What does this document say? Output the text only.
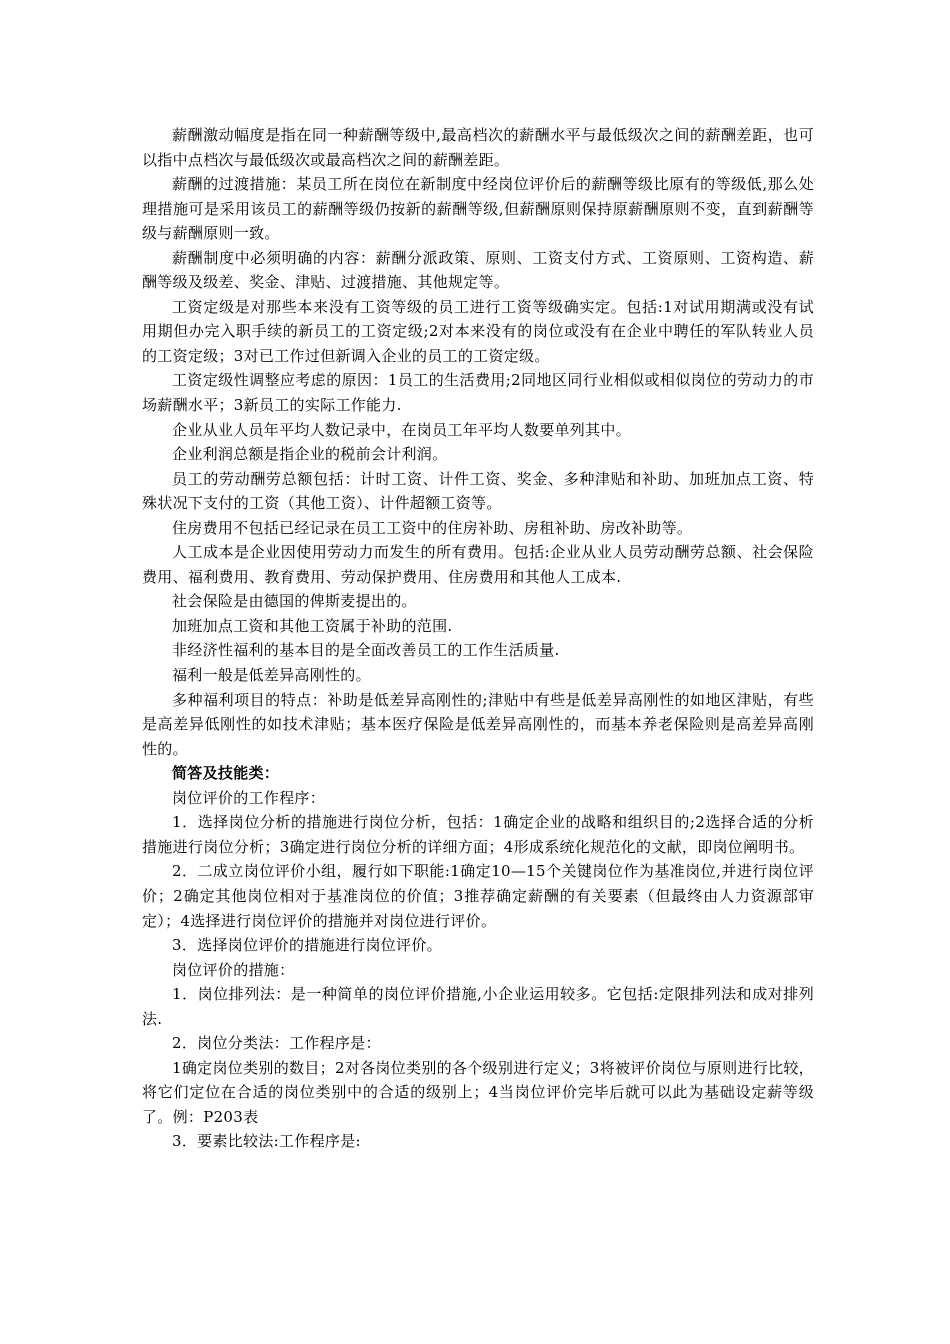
薪酬激动幅度是指在同一种薪酬等级中,最高档次的薪酬水平与最低级次之间的薪酬差距，也可以指中点档次与最低级次或最高档次之间的薪酬差距。

薪酬的过渡措施：某员工所在岗位在新制度中经岗位评价后的薪酬等级比原有的等级低,那么处理措施可是采用该员工的薪酬等级仍按新的薪酬等级,但薪酬原则保持原薪酬原则不变，直到薪酬等级与薪酬原则一致。

薪酬制度中必须明确的内容：薪酬分派政策、原则、工资支付方式、工资原则、工资构造、薪酬等级及级差、奖金、津贴、过渡措施、其他规定等。

工资定级是对那些本来没有工资等级的员工进行工资等级确实定。包括:1对试用期满或没有试用期但办完入职手续的新员工的工资定级;2对本来没有的岗位或没有在企业中聘任的军队转业人员的工资定级；3对已工作过但新调入企业的员工的工资定级。

工资定级性调整应考虑的原因：1员工的生活费用;2同地区同行业相似或相似岗位的劳动力的市场薪酬水平；3新员工的实际工作能力.

企业从业人员年平均人数记录中，在岗员工年平均人数要单列其中。

企业利润总额是指企业的税前会计利润。

员工的劳动酬劳总额包括：计时工资、计件工资、奖金、多种津贴和补助、加班加点工资、特殊状况下支付的工资（其他工资）、计件超额工资等。

住房费用不包括已经记录在员工工资中的住房补助、房租补助、房改补助等。

人工成本是企业因使用劳动力而发生的所有费用。包括:企业从业人员劳动酬劳总额、社会保险费用、福利费用、教育费用、劳动保护费用、住房费用和其他人工成本.

社会保险是由德国的俾斯麦提出的。

加班加点工资和其他工资属于补助的范围.

非经济性福利的基本目的是全面改善员工的工作生活质量.

福利一般是低差异高刚性的。

多种福利项目的特点：补助是低差异高刚性的;津贴中有些是低差异高刚性的如地区津贴，有些是高差异低刚性的如技术津贴；基本医疗保险是低差异高刚性的，而基本养老保险则是高差异高刚性的。

简答及技能类：

岗位评价的工作程序：

1．选择岗位分析的措施进行岗位分析，包括：1确定企业的战略和组织目的;2选择合适的分析措施进行岗位分析；3确定进行岗位分析的详细方面；4形成系统化规范化的文献，即岗位阐明书。

2．二成立岗位评价小组，履行如下职能:1确定10—15个关键岗位作为基准岗位,并进行岗位评价；2确定其他岗位相对于基准岗位的价值；3推荐确定薪酬的有关要素（但最终由人力资源部审定）；4选择进行岗位评价的措施并对岗位进行评价。

3．选择岗位评价的措施进行岗位评价。

岗位评价的措施：

1．岗位排列法：是一种简单的岗位评价措施,小企业运用较多。它包括:定限排列法和成对排列法.

2．岗位分类法：工作程序是：

1确定岗位类别的数目；2对各岗位类别的各个级别进行定义；3将被评价岗位与原则进行比较，将它们定位在合适的岗位类别中的合适的级别上；4当岗位评价完毕后就可以此为基础设定薪等级了。例：P203表

3．要素比较法:工作程序是:
